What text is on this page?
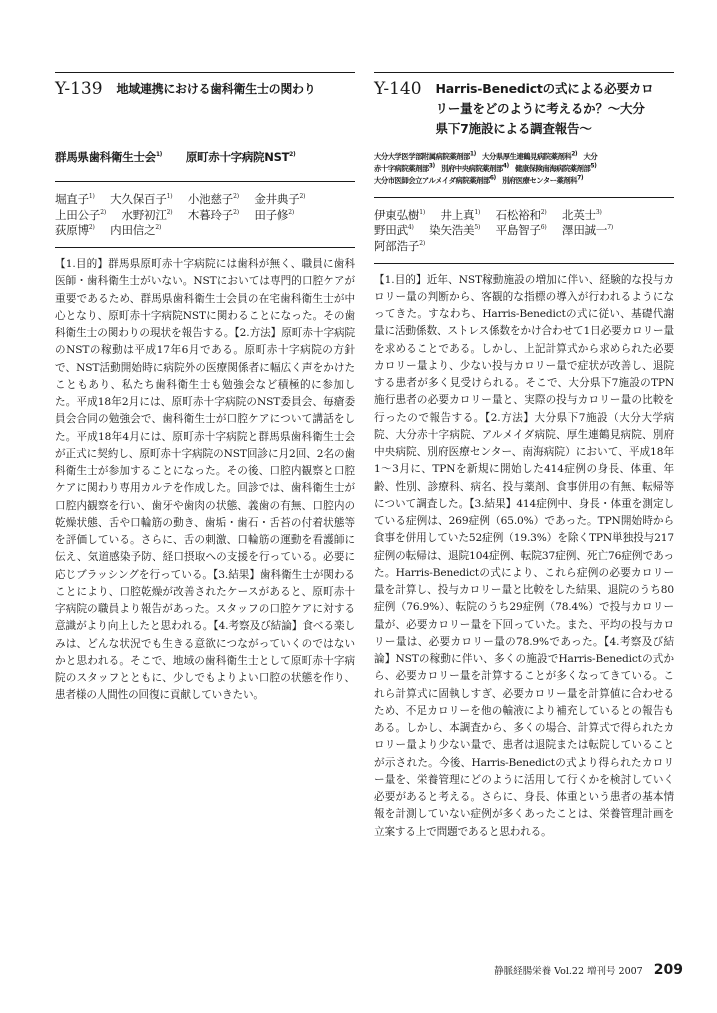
Y-139 地域連携における歯科衛生士の関わり
群馬県歯科衛生士会$^{1)}$ 原町赤十字病院NST$^{2)}$
堀直子$^{1)}$ 大久保百子$^{1)}$ 小池慈子$^{2)}$ 金井典子$^{2)}$
上田公子$^{2)}$ 水野初江$^{2)}$ 木暮玲子$^{2)}$ 田子修$^{2)}$
荻原博$^{2)}$ 内田信之$^{2)}$
【1.目的】群馬県原町赤十字病院には歯科が無く、職員に歯科医師・歯科衛生士がいない。NSTにおいては専門的口腔ケアが重要であるため、群馬県歯科衛生士会員の在宅歯科衛生士が中心となり、原町赤十字病院NSTに関わることになった。その歯科衛生士の関わりの現状を報告する。【2.方法】原町赤十字病院のNSTの稼動は平成17年6月である。原町赤十字病院の方針で、NST活動開始時に病院外の医療関係者に幅広く声をかけたこともあり、私たち歯科衛生士も勉強会など積極的に参加した。平成18年2月には、原町赤十字病院のNST委員会、毎瘡委員会合同の勉強会で、歯科衛生士が口腔ケアについて講話をした。平成18年4月には、原町赤十字病院と群馬県歯科衛生士会が正式に契約し、原町赤十字病院のNST回診に月2回、2名の歯科衛生士が参加することになった。その後、口腔内観察と口腔ケアに関わり専用カルテを作成した。回診では、歯科衛生士が口腔内観察を行い、歯牙や歯肉の状態、義歯の有無、口腔内の乾燥状態、舌や口輪筋の動き、歯垢・歯石・舌苔の付着状態等を評価している。さらに、舌の刺激、口輪筋の運動を看護師に伝え、気道感染予防、経口摂取への支援を行っている。必要に応じブラッシングを行っている。【3.結果】歯科衛生士が関わることにより、口腔乾燥が改善されたケースがあると、原町赤十字病院の職員より報告があった。スタッフの口腔ケアに対する意識がより向上したと思われる。【4.考察及び結論】食べる楽しみは、どんな状況でも生きる意欲につながっていくのではないかと思われる。そこで、地域の歯科衛生士として原町赤十字病院のスタッフとともに、少しでもよりよい口腔の状態を作り、患者様の人間性の回復に貢献していきたい。
Y-140 Harris-Benedictの式による必要カロ
リー量をどのように考えるか？～大分
県下7施設による調査報告～
大分大学医学部附属病院薬剤部$^{1)}$ 大分県厚生連鶴見病院薬剤科$^{2)}$ 大分
赤十字病院薬剤部$^{3)}$ 別府中央病院薬剤部$^{4)}$ 健康保険南海病院薬剤部$^{5)}$
大分市医師会立アルメイダ病院薬剤部$^{6)}$ 別府医療センター薬剤科$^{7)}$
伊東弘樹$^{1)}$ 井上真$^{1)}$ 石松裕和$^{2)}$ 北英士$^{3)}$
野田武$^{4)}$ 染矢浩美$^{5)}$ 平島智子$^{6)}$ 澤田誠一$^{7)}$
阿部浩子$^{2)}$
【1.目的】近年、NST稼動施設の増加に伴い、経験的な投与カロリー量の判断から、客観的な指標の導入が行われるようになってきた。すなわち、Harris-Benedictの式に従い、基礎代謝量に活動係数、ストレス係数をかけ合わせて1日必要カロリー量を求めることである。しかし、上記計算式から求められた必要カロリー量より、少ない投与カロリー量で症状が改善し、退院する患者が多く見受けられる。そこで、大分県下7施設のTPN施行患者の必要カロリー量と、実際の投与カロリー量の比較を行ったので報告する。【2.方法】大分県下7施設（大分大学病院、大分赤十字病院、アルメイダ病院、厚生連鶴見病院、別府中央病院、別府医療センター、南海病院）において、平成18年1～3月に、TPNを新規に開始した414症例の身長、体重、年齢、性別、診療科、病名、投与薬剤、食事併用の有無、転帰等について調査した。【3.結果】414症例中、身長・体重を測定している症例は、269症例（65.0%）であった。TPN開始時から食事を併用していた52症例（19.3%）を除くTPN単独投与217症例の転帰は、退院104症例、転院37症例、死亡76症例であった。Harris-Benedictの式により、これら症例の必要カロリー量を計算し、投与カロリー量と比較をした結果、退院のうち80症例（76.9%）、転院のうち29症例（78.4%）で投与カロリー量が、必要カロリー量を下回っていた。また、平均の投与カロリー量は、必要カロリー量の78.9%であった。【4.考察及び結論】NSTの稼動に伴い、多くの施設でHarris-Benedictの式から、必要カロリー量を計算することが多くなってきている。これら計算式に固執しすぎ、必要カロリー量を計算値に合わせるため、不足カロリーを他の輸液により補充しているとの報告もある。しかし、本調査から、多くの場合、計算式で得られたカロリー量より少ない量で、患者は退院または転院していることが示された。今後、Harris-Benedictの式より得られたカロリー量を、栄養管理にどのように活用して行くかを検討していく必要があると考える。さらに、身長、体重という患者の基本情報を計測していない症例が多くあったことは、栄養管理計画を立案する上で問題であると思われる。
静脈経腸栄養 Vol.22 増刊号 2007 209
